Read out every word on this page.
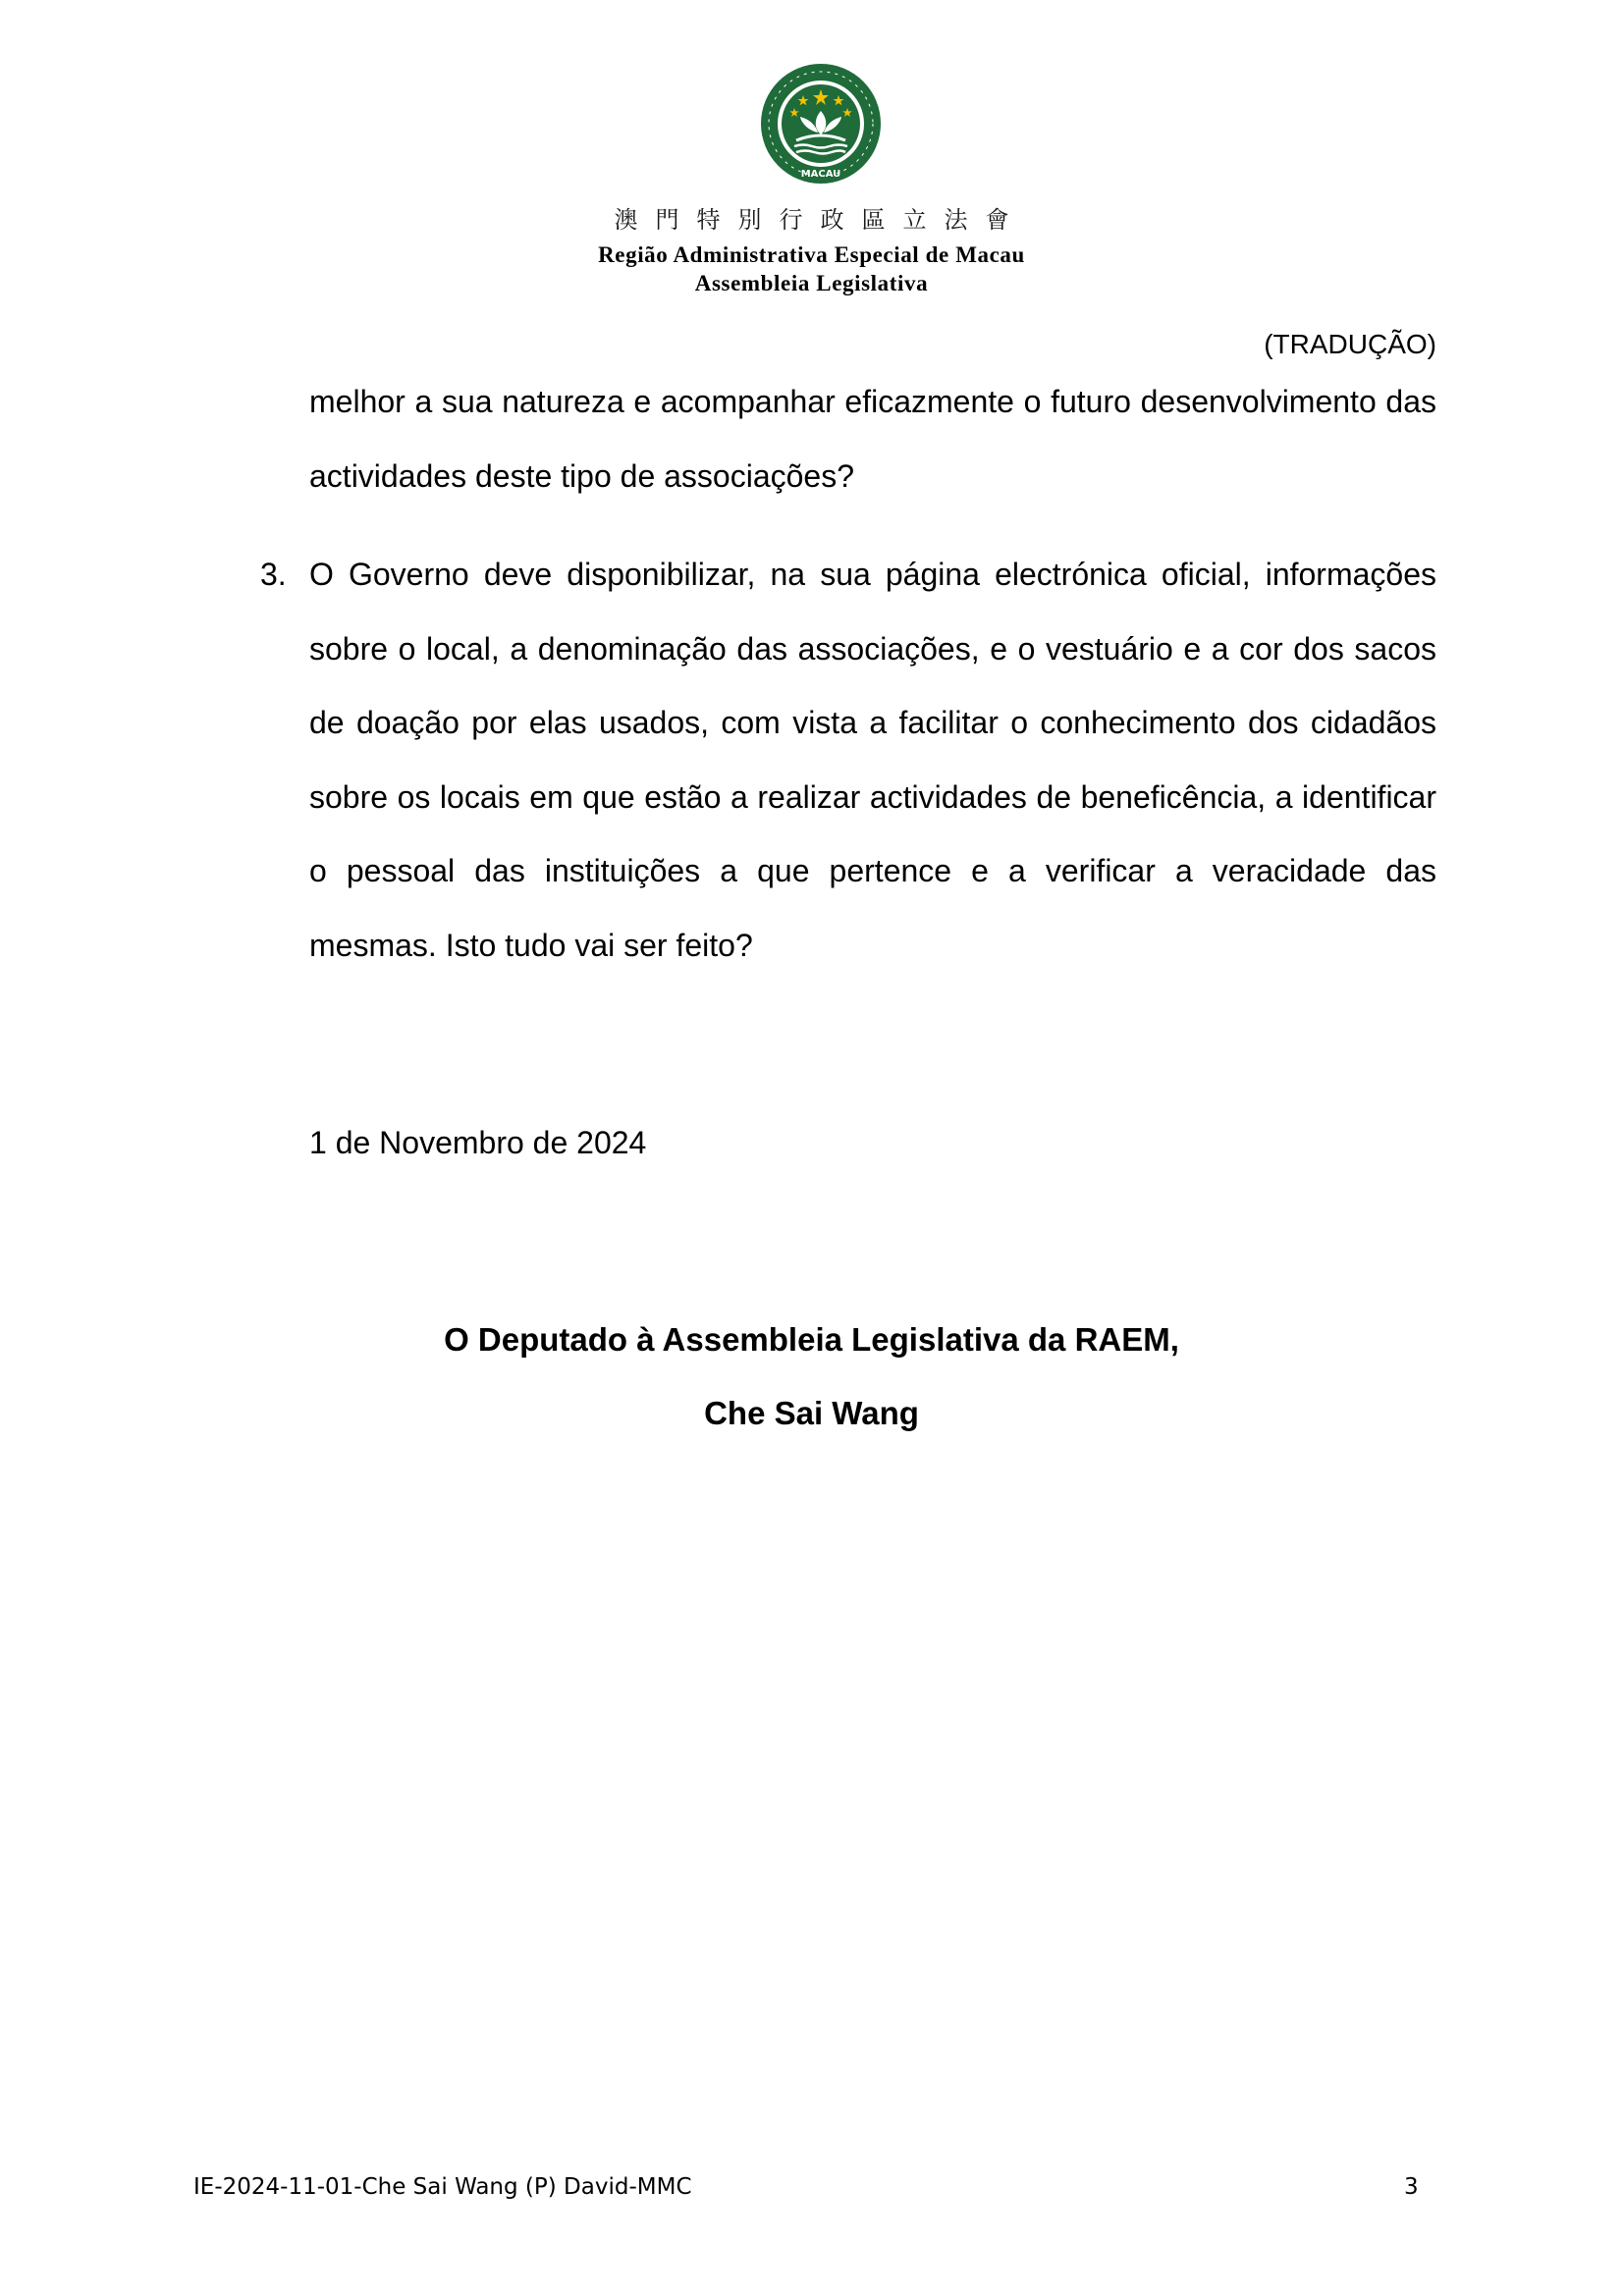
MACAU
澳門特別行政區立法會
Região Administrativa Especial de Macau
Assembleia Legislativa
(TRADUÇÃO)
melhor a sua natureza e acompanhar eficazmente o futuro desenvolvimento das actividades deste tipo de associações?
3. O Governo deve disponibilizar, na sua página electrónica oficial, informações sobre o local, a denominação das associações, e o vestuário e a cor dos sacos de doação por elas usados, com vista a facilitar o conhecimento dos cidadãos sobre os locais em que estão a realizar actividades de beneficência, a identificar o pessoal das instituições a que pertence e a verificar a veracidade das mesmas. Isto tudo vai ser feito?
1 de Novembro de 2024
O Deputado à Assembleia Legislativa da RAEM,
Che Sai Wang
IE-2024-11-01-Che Sai Wang (P) David-MMC	3
